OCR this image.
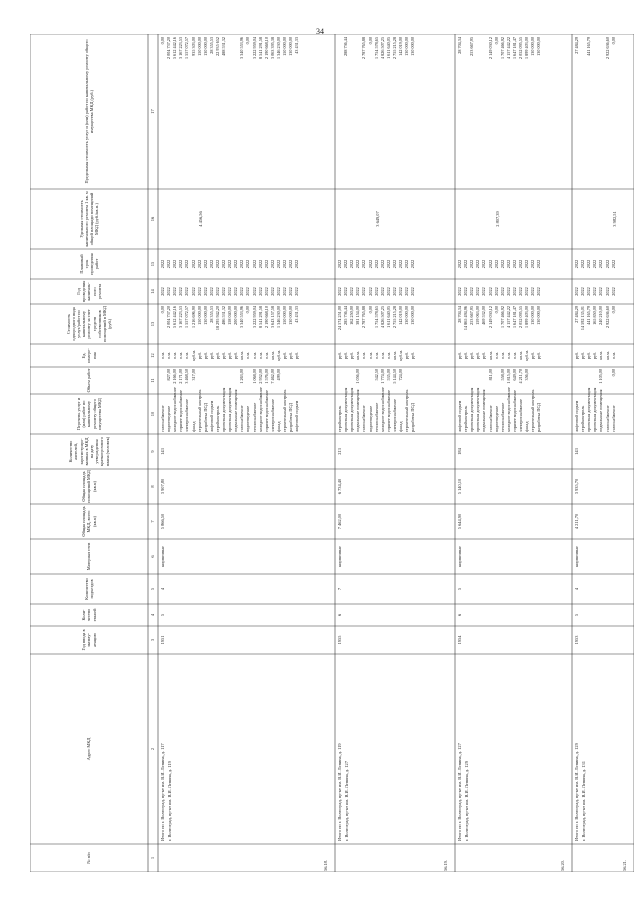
34
№ п/п
Адрес МКД
Год ввода в эксплу-атацию
Коли-чество этажей
Количество подъездов
Материал стен
Общая площадь МКД, всего (кв.м)
Общая площадь помещений МКД (кв.м)
Количество жителей, зарегистриро-ванных в МКД на дату утверждения краткосрочного плана (человек)
Перечень услуг и (или) работ по капитальному ремонту общего имущества МКД
Объем работ
Ед. измере-ния
Стоимость однородного вида услуг/работ по капитальному ремонту за счет средств собственников помещений в МКД (руб.)
Год проведения капиталь-ного ремонта
Плановый срок проведения работ
Удельная стоимость капитального ремонта 1 кв. м общей площади помещений МКД (руб./кв.м.)
Предельная стоимость услуг и (или) работ по капитальному ремонту общего имущества МКД (руб.)
1
2
3
4
5
6
7
8
9
10
11
12
13
14
15
16
17
56.18.
Итого по г. Волгоград, пр-кт им. В.И. Ленина, д. 117 г. Волгоград, пр-кт им. В.И. Ленина, д. 119
1951
5
4
кирпичные
5 866,50
3 907,80
143
4 456,56
газоснабжение
п.м.
0,00
2022
2022
0,00
водоотведение
827,00
п.м.
2 004 737,20
2022
2022
2 004 737,20
холодное водоснабжение
2 166,00
п.м.
5 612 442,16
2022
2022
5 612 442,16
горячее водоснабжение
2 171,00
п.м.
3 167 223,53
2022
2022
3 167 223,53
электроснабжение
3 468,50
п.м.
1 557 072,57
2022
2022
1 557 072,57
фасад
317,00
куб.м.
1 216 696,90
2022
2022
935 303,00
строительный контроль
руб.
150 000,00
2022
2022
150 000,00
разработка ПСД
руб.
130 000,00
2022
2022
130 000,00
лифтовой подъем
руб.
28 355,53
2022
2022
28 355,53
стройконтроль
руб.
18 295 942,20
2022
2022
22 935 652
проектная документация
руб.
486 531,32
2022
2022
488 531,32
проектная документация
руб.
158 040,00
2022
2022
подвальные помещения
руб.
200 000,00
2022
2022
газоснабжение
1 263,00
кв.м.
3 340 553,96
2022
2022
3 340 553,96
водоотведение
п.м.
0,00
2022
2022
0,00
теплоснабжение
1 068,00
п.м.
3 222 959,04
2022
2022
3 222 959,04
холодное водоснабжение
2 952,00
п.м.
8 541 291,58
2022
2022
8 541 291,58
горячее водоснабжение
1 576,00
п.м.
2 190 668,10
2022
2022
2 190 668,10
электроснабжение
7 462,00
кв.м.
3 643 157,58
2022
2022
3 063 395,38
фасад
499,00
куб.м.
1 346 230,00
2022
2022
1 346 230,00
строительный контроль
руб.
150 000,00
2022
2022
150 000,00
разработка ПСД
руб.
130 000,00
2022
2022
130 000,00
лифтовой подъем
руб.
43 431,33
2022
2022
43 431,33
56.19.
Итого по г. Волгоград, пр-кт им. В.И. Ленина, д. 119 г. Волгоград, пр-кт им. В.И. Ленина, д. 127
1955
6
7
кирпичные
7 462,00
6 734,40
213
3 649,07
стройконтроль
руб.
24 574 251,00
2022
2022
проектная документация
руб.
285 736,44
2022
2022
288 736,44
проектная документация
руб.
162 250,00
2022
2022
подвальные помещения
1 056,00
кв.м.
381 154,00
2022
2022
газоснабжение
п.м.
2 787 765,88
2022
2022
2 787 765,88
водоотведение
п.м.
0,00
2022
2022
0,00
теплоснабжение
542,50
п.м.
1 754 578,65
2022
2022
1 754 578,65
холодное водоснабжение
1 774,00
п.м.
4 826 507,25
2022
2022
4 826 507,25
горячее водоснабжение
535,00
п.м.
1 611 640,05
2022
2022
1 611 640,05
электроснабжение
5 144,50
кв.м.
2 755 215,28
2022
2022
2 755 215,28
фасад
724,00
куб.м.
142 019,00
2022
2022
142 019,00
строительный контроль
руб.
130 000,00
2022
2022
130 000,00
разработка ПСД
руб.
130 000,00
2022
2022
130 000,00
56.20.
Итого по г. Волгоград, пр-кт им. В.И. Ленина, д. 127 г. Волгоград, пр-кт им. В.И. Ленина, д. 129
1954
6
5
кирпичные
5 644,90
5 140,10
184
2 807,39
лифтовой подъем
руб.
28 704,34
2022
2022
28 704,34
стройконтроль
руб.
14 865 494,96
2022
2022
проектная документация
руб.
253 667,95
2022
2022
253 667,95
проектная документация
руб.
159 063,00
2022
2022
подвальные помещения
руб.
469 532,00
2022
2022
газоснабжение
811,00
кв.м.
2 149 030,12
2022
2022
2 149 030,12
водоотведение
п.м.
0,00
2022
2022
0,00
теплоснабжение
558,00
п.м.
1 707 466,92
2022
2022
1 707 466,92
холодное водоснабжение
1 815,00
п.м.
4 157 442,22
2022
2022
4 157 442,22
горячее водоснабжение
649,00
п.м.
1 647 181,47
2022
2022
1 647 181,47
электроснабжение
4 211,70
кв.м.
2 052 095,55
2022
2022
2 052 095,55
фасад
356,00
куб.м.
1 899 403,00
2022
2022
1 899 403,00
строительный контроль
руб.
130 000,00
2022
2022
130 000,00
разработка ПСД
руб.
130 000,00
2022
2022
130 000,00
56.21.
Итого по г. Волгоград, пр-кт им. В.И. Ленина, д. 129 г. Волгоград, пр-кт им. В.И. Ленина, д. 131
1953
5
4
кирпичные
4 211,70
3 935,70
143
3 982,51
лифтовой подъем
руб.
27 484,29
2022
2022
27 484,29
стройконтроль
руб.
14 592 135,01
2022
2022
проектная документация
руб.
441 165,79
2022
2022
441 165,79
проектная документация
руб.
165 850,00
2022
2022
подвальные помещения
1 105,00
кв.м.
240 210,00
2022
2022
газоснабжение
кв.м.
2 922 636,60
2022
2022
2 922 636,60
газоснабжение
0,00
п.м.
0,00
2022
2022
0,00
